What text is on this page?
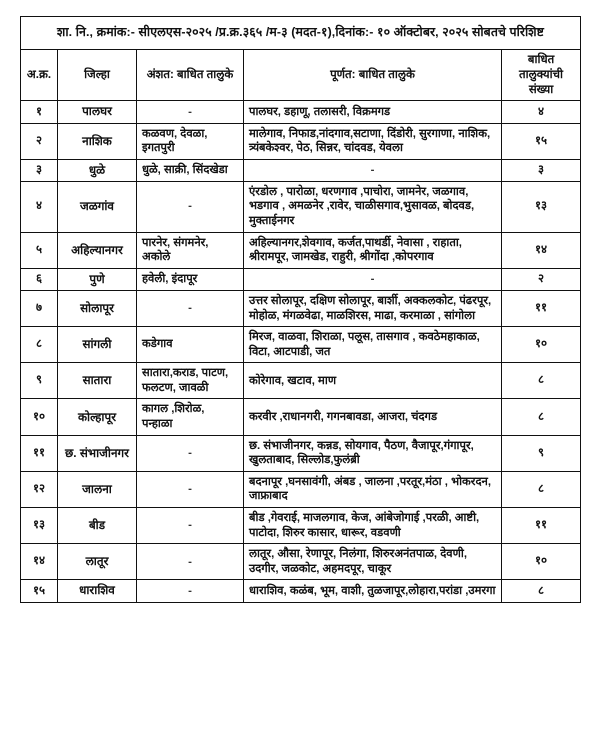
शा. नि., क्रमांक:- सीएलएस-२०२५ /प्र.क्र.३६५ /म-३ (मदत-१),दिनांक:- १० ऑक्टोबर, २०२५ सोबतचे परिशिष्ट				
अ.क्र.	जिल्हा	अंशत: बाधित तालुके	पूर्णत: बाधित तालुके	बाधित तालुक्यांची संख्या
१	पालघर	-	पालघर, डहाणू, तलासरी, विक्रमगड	४
२	नाशिक	कळवण, देवळा, इगतपुरी	मालेगाव, निफाड,नांदगाव,सटाणा, दिंडोरी, सुरगाणा, नाशिक, त्र्यंबकेश्वर, पेठ, सिन्नर, चांदवड, येवला	१५
३	धुळे	धुळे, साक्री, सिंदखेडा	-	३
४	जळगांव	-	एंरडोल , पारोळा, धरणगाव ,पाचोरा, जामनेर, जळगाव, भडगाव , अमळनेर ,रावेर, चाळीसगाव,भुसावळ, बोदवड, मुक्ताईनगर	१३
५	अहिल्यानगर	पारनेर, संगमनेर, अकोले	अहिल्यानगर,शेवगाव, कर्जत,पाथर्डी, नेवासा , राहाता, श्रीरामपूर, जामखेड, राहुरी, श्रीगोंदा ,कोपरगाव	१४
६	पुणे	हवेली, इंदापूर	-	२
७	सोलापूर	-	उत्तर सोलापूर, दक्षिण सोलापूर, बार्शी, अक्कलकोट, पंढरपूर, मोहोळ, मंगळवेढा, माळशिरस, माढा, करमाळा , सांगोला	११
८	सांगली	कडेगाव	मिरज, वाळवा, शिराळा, पलूस, तासगाव , कवठेमहाकाळ, विटा, आटपाडी, जत	१०
९	सातारा	सातारा,कराड, पाटण, फलटण, जावळी	कोरेगाव, खटाव, माण	८
१०	कोल्हापूर	कागल ,शिरोळ, पन्हाळा	करवीर ,राधानगरी, गगनबावडा, आजरा, चंदगड	८
११	छ. संभाजीनगर	-	छ. संभाजीनगर, कन्नड, सोयगाव, पैठण, वैजापूर,गंगापूर, खुलताबाद, सिल्लोड,फुलंब्री	९
१२	जालना	-	बदनापूर ,घनसावंगी, अंबड , जालना ,परतूर,मंठा , भोकरदन, जाफ्राबाद	८
१३	बीड	-	बीड ,गेवराई, माजलगाव, केज, आंबेजोगाई ,परळी, आष्टी, पाटोदा, शिरुर कासार, धारूर, वडवणी	११
१४	लातूर	-	लातूर, औसा, रेणापूर, निलंगा, शिरुरअनंतपाळ, देवणी, उदगीर, जळकोट, अहमदपूर, चाकूर	१०
१५	धाराशिव	-	धाराशिव, कळंब, भूम, वाशी, तुळजापूर,लोहारा,परांडा ,उमरगा	८
